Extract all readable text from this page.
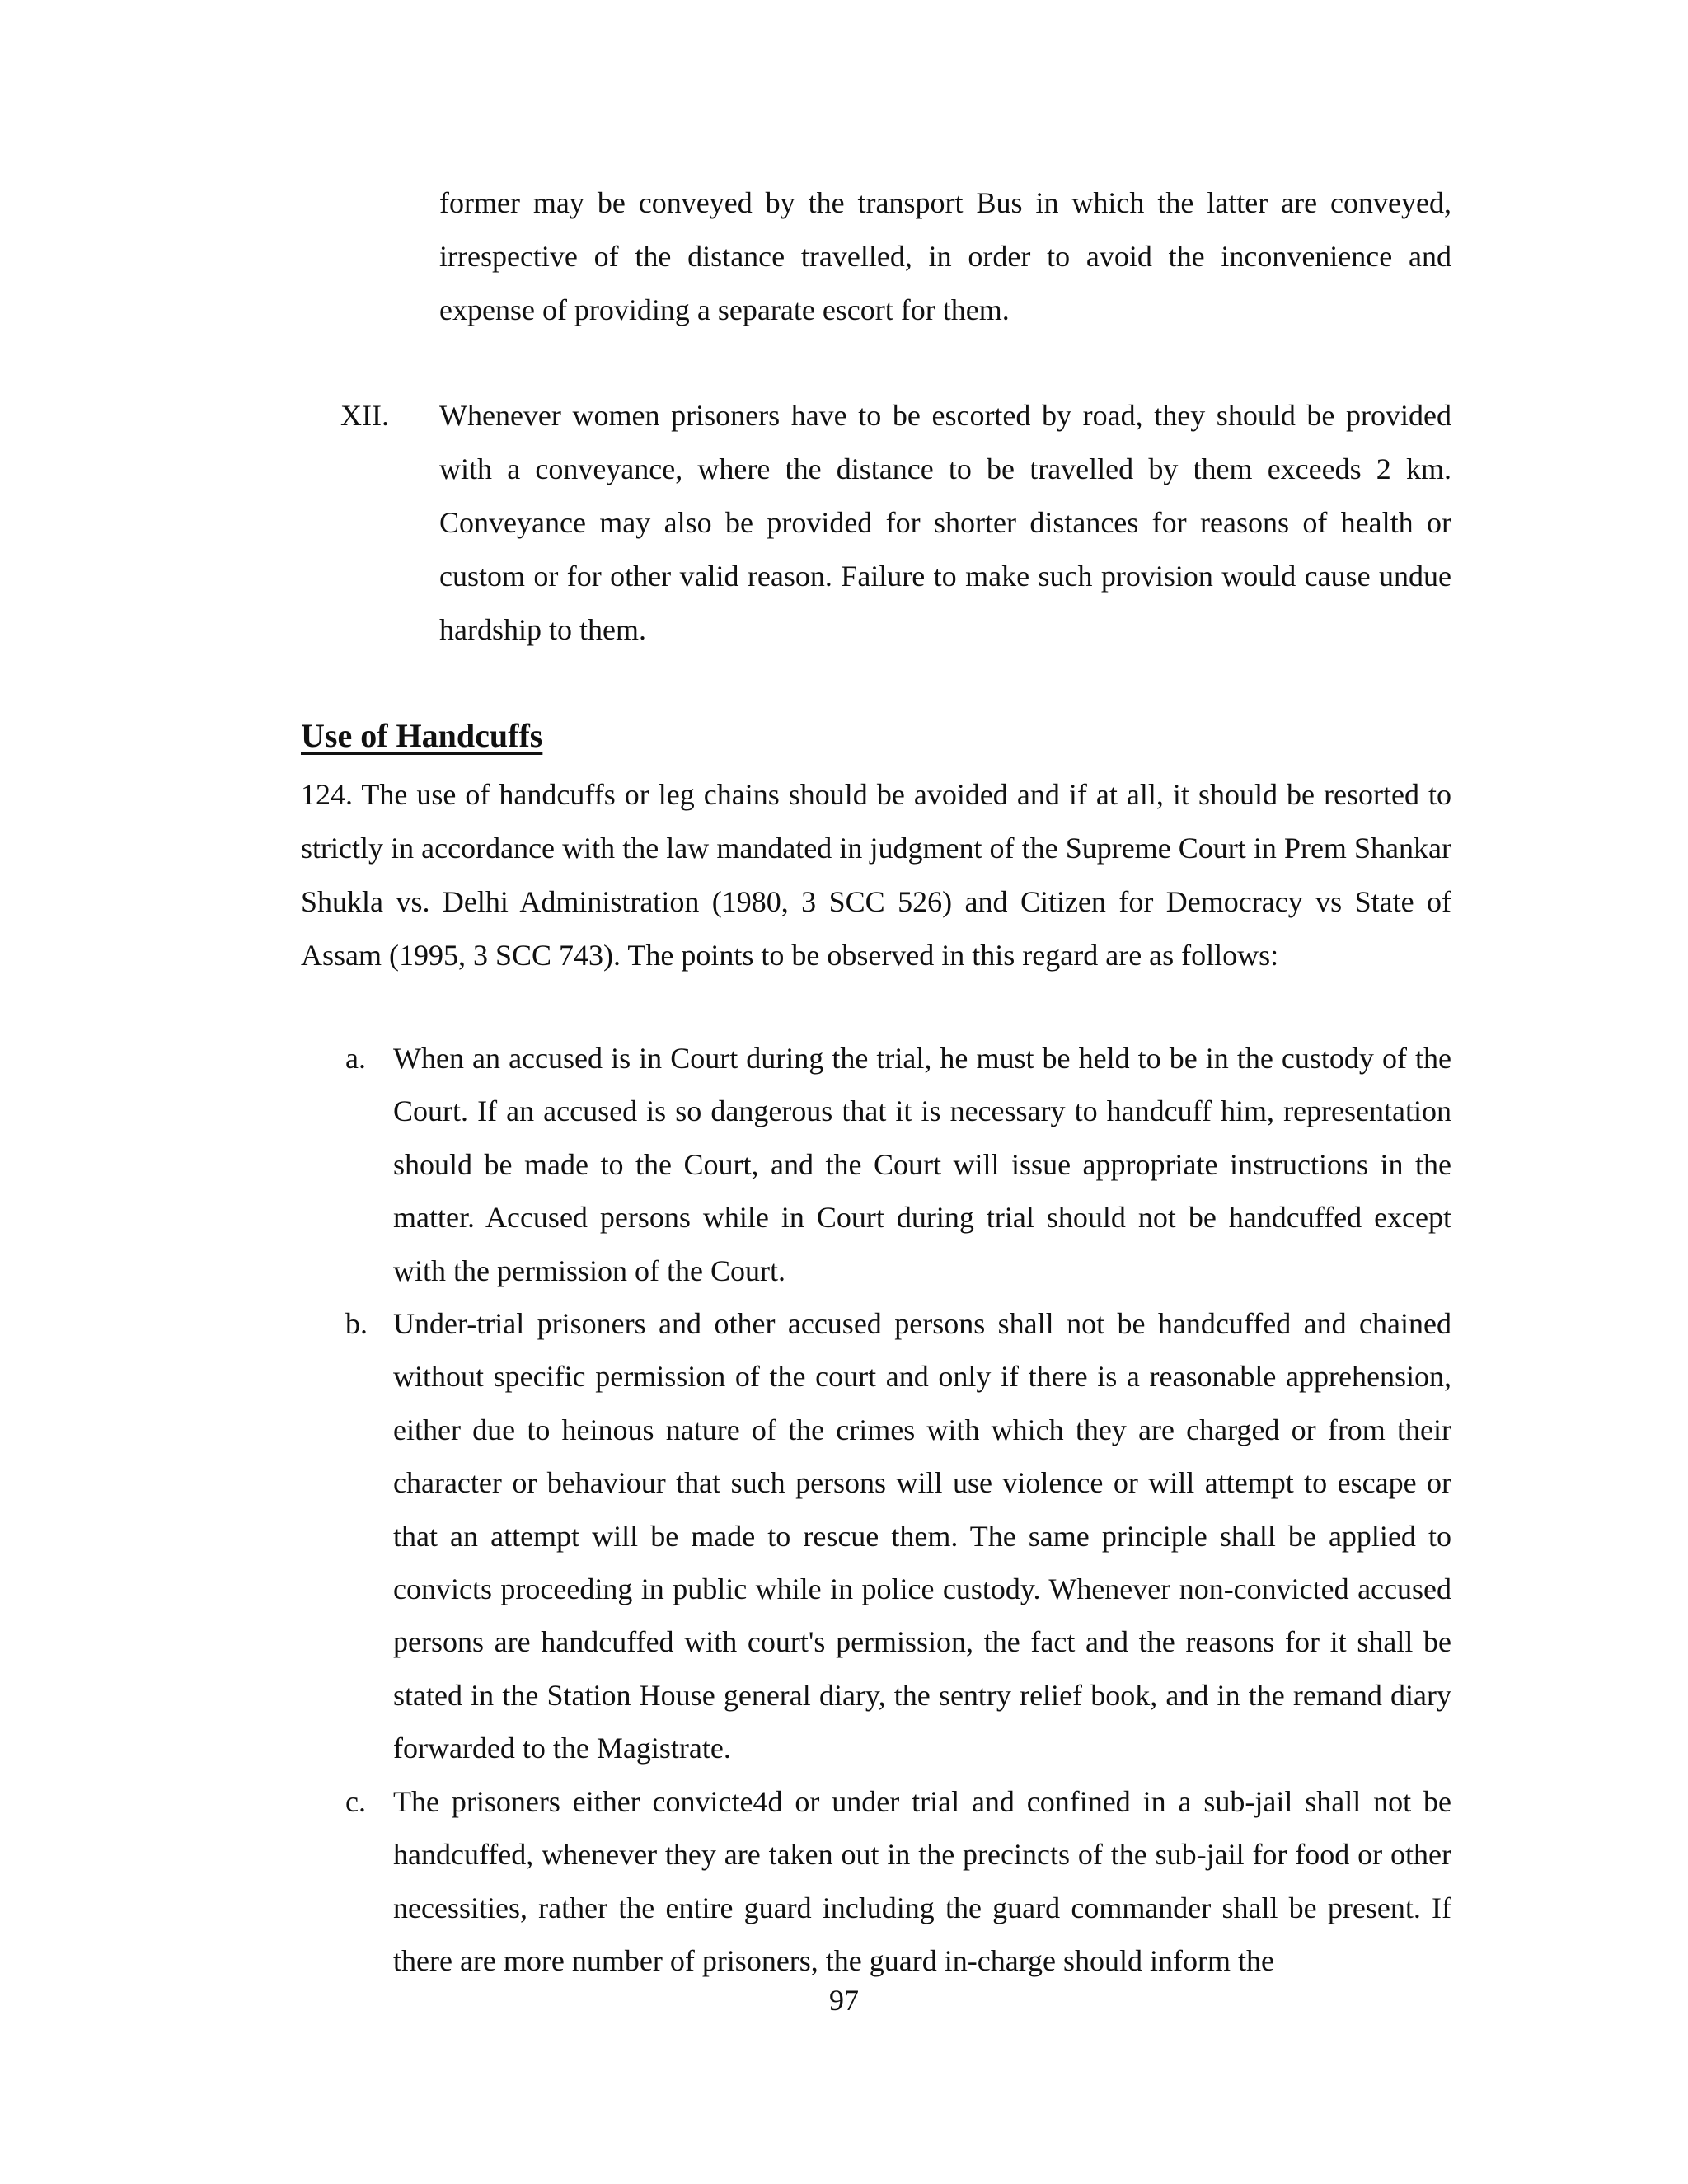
former may be conveyed by the transport Bus in which the latter are conveyed, irrespective of the distance travelled, in order to avoid the inconvenience and expense of providing a separate escort for them.

XII. Whenever women prisoners have to be escorted by road, they should be provided with a conveyance, where the distance to be travelled by them exceeds 2 km. Conveyance may also be provided for shorter distances for reasons of health or custom or for other valid reason. Failure to make such provision would cause undue hardship to them.

Use of Handcuffs

124. The use of handcuffs or leg chains should be avoided and if at all, it should be resorted to strictly in accordance with the law mandated in judgment of the Supreme Court in Prem Shankar Shukla vs. Delhi Administration (1980, 3 SCC 526) and Citizen for Democracy vs State of Assam (1995, 3 SCC 743). The points to be observed in this regard are as follows:

a. When an accused is in Court during the trial, he must be held to be in the custody of the Court. If an accused is so dangerous that it is necessary to handcuff him, representation should be made to the Court, and the Court will issue appropriate instructions in the matter. Accused persons while in Court during trial should not be handcuffed except with the permission of the Court.
b. Under-trial prisoners and other accused persons shall not be handcuffed and chained without specific permission of the court and only if there is a reasonable apprehension, either due to heinous nature of the crimes with which they are charged or from their character or behaviour that such persons will use violence or will attempt to escape or that an attempt will be made to rescue them. The same principle shall be applied to convicts proceeding in public while in police custody. Whenever non-convicted accused persons are handcuffed with court's permission, the fact and the reasons for it shall be stated in the Station House general diary, the sentry relief book, and in the remand diary forwarded to the Magistrate.
c. The prisoners either convicte4d or under trial and confined in a sub-jail shall not be handcuffed, whenever they are taken out in the precincts of the sub-jail for food or other necessities, rather the entire guard including the guard commander shall be present. If there are more number of prisoners, the guard in-charge should inform the
97
